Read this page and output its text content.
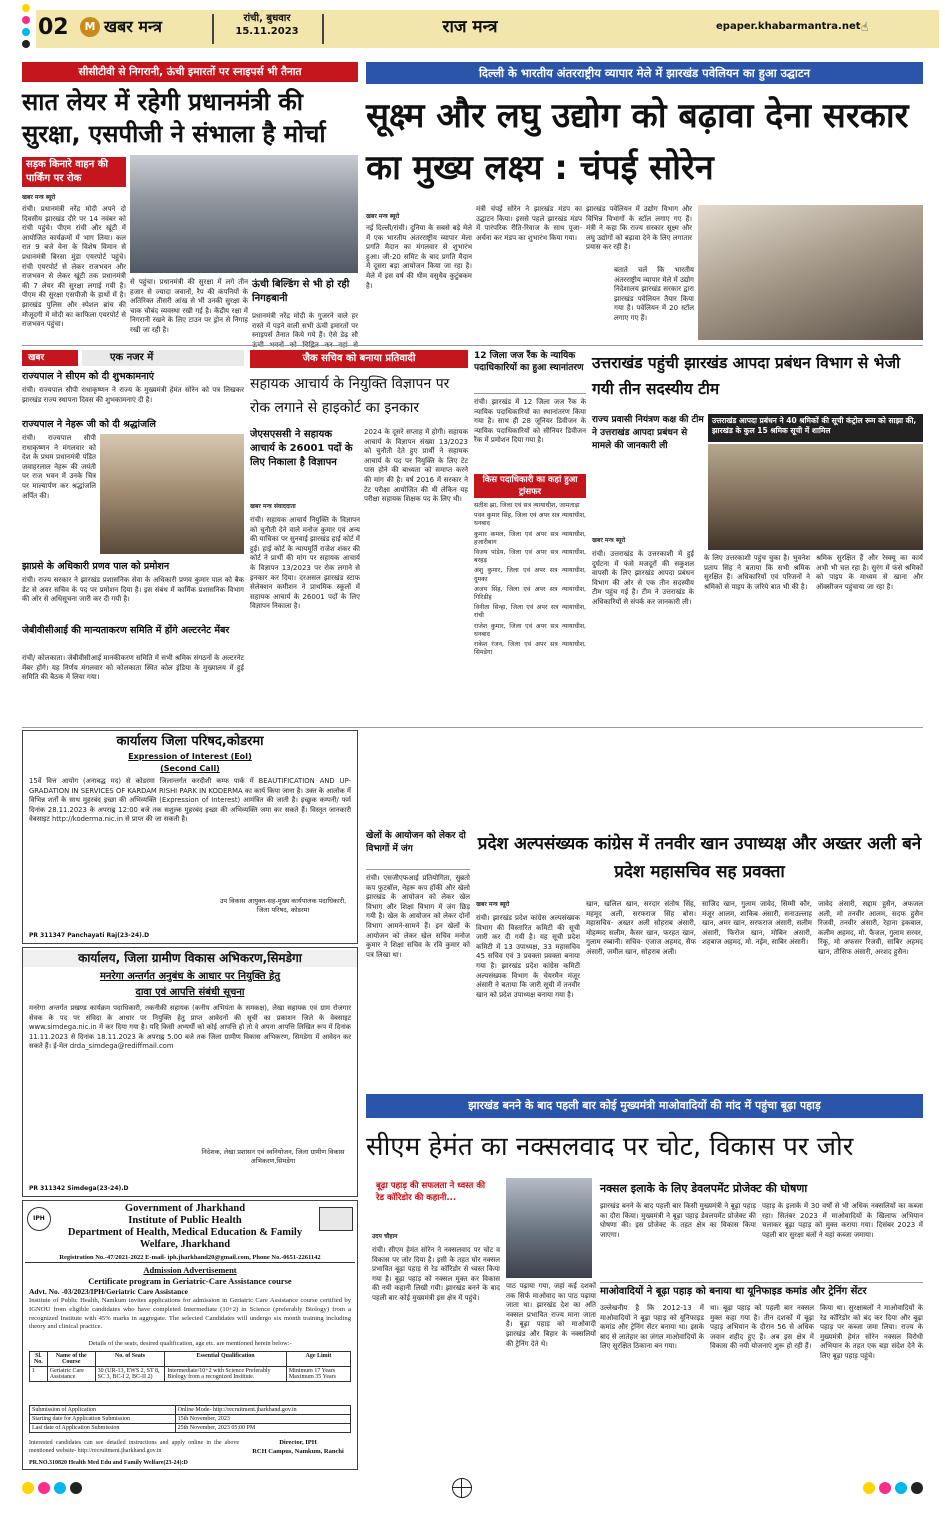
02	M खबर मन्त्र	रांची, बुधवार
15.11.2023	राज मन्त्र	epaper.khabarmantra.net ☝
सीसीटीवी से निगरानी, ऊंची इमारतों पर स्नाइपर्स भी तैनात
सात लेयर में रहेगी प्रधानमंत्री की सुरक्षा, एसपीजी ने संभाला है मोर्चा
सड़क किनारे वाहन की पार्किंग पर रोक
खबर मन्त्र ब्यूरो
रांची। प्रधानमंत्री नरेंद्र मोदी अपने दो दिवसीय झारखंड दौरे पर 14 नवंबर को रांची पहुंचे। पीएम रांची और खूंटी में आयोजित कार्यक्रमों में भाग लिया। कल रात 9 बजे वेना के विशेष विमान से प्रधानमंत्री बिरसा मुंडा एयरपोर्ट पहुंचे। रांची एयरपोर्ट से लेकर राजभवन और राजभवन से लेकर खूंटी तक प्रधानमंत्री की 7 लेयर की सुरक्षा लगाई गयी है। पीएम की सुरक्षा एसपीजी के हाथों में है। झारखंड पुलिस और स्पेशल ब्रांच की मौजूदगी में मोदी का काफिला एयरपोर्ट से राजभवन पहुंचा।
से पहुंचा। प्रधानमंत्री की सुरक्षा में लगे तीन हजार से ज्यादा जवानों, रैप की कंपनियों के अतिरिक्त तीसरी आंख से भी उनकी सुरक्षा के चाक चौबंद व्यवस्था रखी गई है। केंद्रीय रक्षा में निगरानी रखने के लिए टाउन पर ड्रोन से निगाह रखी जा रही है।
ऊंची बिल्डिंग से भी हो रही निगहबानी
प्रधानमंत्री नरेंद्र मोदी के गुजरने वाले हर रास्ते में पड़ने वाली सभी ऊंची इमारतों पर स्नाइपर्स तैनात किये गये हैं। ऐसे डेढ़ सौ
दिल्ली के भारतीय अंतरराष्ट्रीय व्यापार मेले में झारखंड पवेलियन का हुआ उद्घाटन
सूक्ष्म और लघु उद्योग को बढ़ावा देना सरकार का मुख्य लक्ष्य : चंपई सोरेन
खबर मन्त्र ब्यूरो
नई दिल्ली/रांची। दुनिया के सबसे बड़े मेले में एक भारतीय अंतरराष्ट्रीय व्यापार मेला प्रगति मैदान का मंगलवार से शुभारंभ हुआ। जी-20 समिट के बाद प्रगति मैदान में दूसरा बड़ा आयोजन किया जा रहा है। मेले में इस वर्ष की थीम वसुधैव कुटुंबकम है।
मंत्री चंपई सोरेन ने झारखंड मंडप का उद्घाटन किया। इससे पहले झारखंड मंडप में पारंपरिक रीति-रिवाज के साथ पूजा-अर्चना कर मंडप का शुभारंभ किया गया।
झारखंड पवेलियन में उद्योग विभाग और विभिन्न विभागों के स्टॉल लगाए गए हैं। मंत्री ने कहा कि राज्य सरकार सूक्ष्म और लघु उद्योगों को बढ़ावा देने के लिए लगातार प्रयास कर रही है।
बताते चलें कि भारतीय अंतरराष्ट्रीय व्यापार मेले में उद्योग निदेशालय झारखंड सरकार द्वारा झारखंड पवेलियन तैयार किया गया है। पवेलियन में 20 स्टॉल लगाए गए हैं।
खबर	एक नजर में
राज्यपाल ने सीएम को दी शुभकामनाएं
रांची। राज्यपाल सीपी राधाकृष्णन ने राज्य के मुख्यमंत्री हेमंत सोरेन को पत्र लिखकर झारखंड राज्य स्थापना दिवस की शुभकामनाएं दी है।
राज्यपाल ने नेहरू जी को दी श्रद्धांजलि
रांची। राज्यपाल सीपी राधाकृष्णन ने मंगलवार को देश के प्रथम प्रधानमंत्री पंडित जवाहरलाल नेहरू की जयंती पर राज भवन में उनके चित्र पर माल्यार्पण कर श्रद्धांजलि अर्पित की।
झाप्रसे के अधिकारी प्रणव पाल को प्रमोशन
रांची। राज्य सरकार ने झारखंड प्रशासनिक सेवा के अधिकारी प्रणव कुमार पाल को बैक डेट से अवर सचिव के पद पर प्रमोशन दिया है। इस संबंध में कार्मिक प्रशासनिक विभाग की ओर से अधिसूचना जारी कर दी गयी है।
जेबीवीसीआई की मान्यताकरण समिति में होंगे अल्टरनेट मेंबर
रांची/ कोलकाता। जेबीवीसीआई मानकीकरण समिति में सभी श्रमिक संगठनों के अल्टरनेट मेंबर होंगे। यह निर्णय मंगलवार को कोलकाता स्थित कोल इंडिया के मुख्यालय में हुई समिति की बैठक में लिया गया।
जैक सचिव को बनाया प्रतिवादी
सहायक आचार्य के नियुक्ति विज्ञापन पर रोक लगाने से हाइकोर्ट का इनकार
जेएसएससी ने सहायक आचार्य के 26001 पदों के लिए निकाला है विज्ञापन
खबर मन्त्र संवाददाता
रांची। सहायक आचार्य नियुक्ति के विज्ञापन को चुनौती देने वाले मनोज कुमार एवं अन्य की याचिका पर सुनवाई झारखंड हाई कोर्ट में हुई। हाई कोर्ट के न्यायमूर्ति राजेश शंकर की कोर्ट ने प्रार्थी की मांग पर सहायक आचार्य के विज्ञापन 13/2023 पर रोक लगाने से इनकार कर दिया। दरअसल झारखंड स्टाफ सेलेक्शन कमीशन ने प्राथमिक स्कूलों में सहायक आचार्य के 26001 पदों के लिए विज्ञापन निकाला है।
2024 के दूसरे सप्ताह में होगी। सहायक आचार्य के विज्ञापन संख्या 13/2023 को चुनौती देते हुए प्रार्थी ने सहायक आचार्य के पद पर नियुक्ति के लिए टेट पास होने की बाध्यता को समाप्त करने की मांग की है। वर्ष 2016 में सरकार ने टेट परीक्षा आयोजित की थी लेकिन यह परीक्षा सहायक शिक्षक पद के लिए थी।
12 जिला जज रैंक के न्यायिक पदाधिकारियों का हुआ स्थानांतरण
रांची। झारखंड में 12 जिला जज रैंक के न्यायिक पदाधिकारियों का स्थानांतरण किया गया है। साथ ही 28 जूनियर डिवीजन के न्यायिक पदाधिकारियों को सीनियर डिवीजन रैंक में प्रमोशन दिया गया है।
किस पदाधिकारी का कहां हुआ ट्रांसफर
सतीश झा, जिला एवं सत्र न्यायाधीश, जामताड़ा
पवन कुमार सिंह, जिला एवं अपर सत्र न्यायाधीश, धनबाद
कुमार कमल, जिला एवं अपर सत्र न्यायाधीश, हजारीबाग
विजय पांडेय, जिला एवं अपर सत्र न्यायाधीश, बरहड़
अंशु कुमार, जिला एवं अपर सत्र न्यायाधीश, दुमका
अजय सिंह, जिला एवं अपर सत्र न्यायाधीश, गिरिडीह
विनीता सिन्हा, जिला एवं अपर सत्र न्यायाधीश, रांची
राजेश कुमार, जिला एवं अपर सत्र न्यायाधीश, धनबाद
राकेश रंजन, जिला एवं अपर सत्र न्यायाधीश, सिमडेगा
उत्तराखंड पहुंची झारखंड आपदा प्रबंधन विभाग से भेजी गयी तीन सदस्यीय टीम
राज्य प्रवासी नियंत्रण कक्ष की टीम ने उत्तराखंड आपदा प्रबंधन से मामले की जानकारी ली
उत्तराखंड आपदा प्रबंधन ने 40 श्रमिकों की सूची कंट्रोल रूम को साझा की, झारखंड के कुल 15 श्रमिक सूची में शामिल
खबर मन्त्र ब्यूरो
रांची। उत्तराखंड के उत्तरकाशी में हुई दुर्घटना में फंसे मजदूरों की सकुशल वापसी के लिए झारखंड आपदा प्रबंधन विभाग की ओर से एक तीन सदस्यीय टीम पहुंच गई है। टीम ने उत्तराखंड के अधिकारियों से संपर्क कर जानकारी ली।
के लिए उत्तरकाशी पहुंच चुका है। भुवनेश प्रताप सिंह ने बताया कि सभी श्रमिक सुरक्षित हैं। अधिकारियों एवं परिजनों ने श्रमिकों से पाइप के जरिये बात भी की है।
श्रमिक सुरक्षित हैं और रेस्क्यू का कार्य अभी भी चल रहा है। सुरंग में फंसे श्रमिकों को पाइप के माध्यम से खाना और ऑक्सीजन पहुंचाया जा रहा है।
कार्यालय जिला परिषद,कोडरमा
Expression of Interest (EoI)
(Second Call)
15वें वित्त आयोग (अनाबद्ध मद) से कोडरमा जिलान्तर्गत करदीशी कम्फ पार्क में BEAUTIFICATION AND UP-GRADATION IN SERVICES OF KARDAM RISHI PARK IN KODERMA का कार्य किया जाना है। उक्त के आलोक में विभिन्न शर्तों के साथ मुहरबंद इच्छा की अभिव्यक्ति (Expression of Interest) आमंत्रित की जाती है। इच्छुक कम्पनी/ फर्म दिनांक 28.11.2023 के अपराह्न 12:00 बजे तक सशुल्क मुहरबंद इच्छा की अभिव्यक्ति जमा कर सकते हैं। विस्तृत जानकारी वेबसाइट http://koderma.nic.in से प्राप्त की जा सकती है।
उप विकास आयुक्त-सह-मुख्य कार्यपालक पदाधिकारी, जिला परिषद, कोडरमा
PR 311347 Panchayati Raj(23-24).D
कार्यालय, जिला ग्रामीण विकास अभिकरण,सिमडेगा
मनरेगा अन्तर्गत अनुबंध के आधार पर नियुक्ति हेतु
दावा एवं आपत्ति संबंधी सूचना
मनरेगा अन्तर्गत प्रखण्ड कार्यक्रम पदाधिकारी, तकनीकी सहायक (कनीय अभियंता के समकक्ष), लेखा सहायक एवं ग्राम रोजगार सेवक के पद पर संविदा के आधार पर नियुक्ति हेतु प्राप्त आवेदनों की सूची का प्रकाशन जिले के वेबसाइट www.simdega.nic.in में कर दिया गया है। यदि किसी अभ्यर्थी को कोई आपत्ति हो तो वे अपना आपत्ति लिखित रूप में दिनांक 11.11.2023 से दिनांक 18.11.2023 के अपराह्न 5.00 बजे तक जिला ग्रामीण विकास अभिकरण, सिमडेगा में आवेदन कर सकते हैं। ई-मेल drda_simdega@rediffmail.com
निदेशक, लेखा प्रशासन एवं स्वनियोजन, जिला ग्रामीण विकास अभिकरण,सिमडेगा
PR 311342 Simdega(23-24).D
IPH
Government of Jharkhand
Institute of Public Health
Department of Health, Medical Education & Family Welfare, Jharkhand
Registration No.-47/2021-2022 E-mail- iph.jharkhand20@gmail.com, Phone No.-0651-2261142
Admission Advertisement
Certificate program in Geriatric-Care Assistance course
Advt. No. -03/2023/IPH/Geriatric Care Assistance
Institute of Public Health, Namkum invites applications for admission in Geriatric Care Assistance course certified by IGNOU from eligible candidates who have completed Intermediate (10+2) in Science (preferably Biology) from a recognized Institute with 45% marks in aggregate. The selected Candidates will undergo six month training including theory and clinical practice.
Details of the seats, desired qualification, age etc. are mentioned herein below:-
Sl. No.	Name of the Course	No. of Seats	Essential Qualification	Age Limit
1	Geriatric Care Assistance	30 (UR-13, EWS 2, ST 8, SC 3, BC-I 2, BC-II 2)	Intermediate/10+2 with Science Preferably Biology from a recognized Institute.	Minimum 17 Years Maximum 35 Years
Submission of Application	Online Mode- http://recruitment.jharkhand.gov.in
Starting date for Application Submission	15th November, 2023
Last date of Application Submission	25th November, 2023 05:00 PM
Interested candidates can see detailed instructions and apply online in the above mentioned website- http://recruitment.jharkhand.gov.in
Director, IPH
RCH Campus, Namkum, Ranchi
PR.NO.310820 Health Med Edu and Family Welfare(23-24):D
खेलों के आयोजन को लेकर दो विभागों में जंग
रांची। एसजीएफआई प्रतियोगिता, सुब्रतो कप फुटबॉल, नेहरू कप हॉकी और खेलो झारखंड के आयोजन को लेकर खेल विभाग और शिक्षा विभाग में जंग छिड़ गयी है। खेल के आयोजन को लेकर दोनों विभाग आमने-सामने हैं। इन खेलों के आयोजन को लेकर खेल सचिव मनोज कुमार ने शिक्षा सचिव के रवि कुमार को पत्र लिखा था।
प्रदेश अल्पसंख्यक कांग्रेस में तनवीर खान उपाध्यक्ष और अख्तर अली बने प्रदेश महासचिव सह प्रवक्ता
खबर मन्त्र ब्यूरो
रांची। झारखंड प्रदेश कांग्रेस अल्पसंख्यक विभाग की विस्तारित कमिटी की सूची जारी कर दी गयी है। यह सूची प्रदेश कमिटी में 13 उपाध्यक्ष, 33 महासचिव 45 सचिव एवं 3 प्रवक्ता प्रवक्ता बनाया गया है। झारखंड प्रदेश कांग्रेस कमिटी अल्पसंख्यक विभाग के चेयरमैन मंजूर अंसारी ने बताया कि जारी सूची में तनवीर खान को प्रदेश उपाध्यक्ष बनाया गया है।
खान, खलिल खान, सरदार संतोष सिंह, महमूद अली, सरफराज सिंह बोस। महासचिव- अख्तर अली सोहराब अंसारी, मोहम्मद सलीम, कैसर खान, फरहत खान, गुलाम रब्बानी। सचिव- एजाज अहमद, सैफ अंसारी, जमील खान, सोहराब अली।
साजिद खान, गुलाम जावेद, सिम्मी कौर, मंजूर आलम, शाकिब अंसारी, सनाउल्लाह खान, अमर खान, सरफराज अंसारी, सलीम अंसारी, फिरोज खान, मोबिन अंसारी, शहबाज अहमद, मो. नईम, साबिर अंसारी।
जावेद अंसारी, सद्दाम हुसैन, अफजल अली, मो तनवीर आलम, सदफ हुसैन रिजवी, तनवीर अंसारी, रेहाना इकबाल, कलीम अहमद, मो. फैजल, गुलाम सरवर, रिंकू, मो अफसर रिजवी, साबिर अहमद खान, तौसिफ अंसारी, अरशद हुसैन।
झारखंड बनने के बाद पहली बार कोई मुख्यमंत्री माओवादियों की मांद में पहुंचा बूढ़ा पहाड़
सीएम हेमंत का नक्सलवाद पर चोट, विकास पर जोर
बूढ़ा पहाड़ की सफलता ने ध्वस्त की रेड कॉरिडोर की कहानी...
उदय चौहान
रांची। सीएम हेमंत सोरेन ने नक्सलवाद पर चोट व विकास पर जोर दिया है। इसी के तहत घोर नक्सल प्रभावित बूढ़ा पहाड़ से रेड कॉरिडोर से ध्वस्त किया गया है। बूढ़ा पहाड़ को नक्सल मुक्त कर विकास की नयी कहानी लिखी गयी। झारखंड बनने के बाद पहली बार कोई मुख्यमंत्री इस क्षेत्र में पहुंचे।
पाठ पढ़ाया गया, जहां कई दशकों तक सिर्फ माओवाद का पाठ पढ़ाया जाता था। झारखंड देश का अति नक्सल प्रभावित राज्य माना जाता है। बूढ़ा पहाड़ को माओवादी झारखंड और बिहार के नक्सलियों की ट्रेनिंग देते थे।
नक्सल इलाके के लिए डेवलपमेंट प्रोजेक्ट की घोषणा
झारखंड बनने के बाद पहली बार किसी मुख्यमंत्री ने बूढ़ा पहाड़ का दौरा किया। मुख्यमंत्री ने बूढ़ा पहाड़ डेवलपमेंट प्रोजेक्ट की घोषणा की। इस प्रोजेक्ट के तहत क्षेत्र का विकास किया जाएगा।
पहाड़ के इलाके में 30 वर्षों से भी अधिक नक्सलियों का कब्जा रहा। सितंबर 2023 में माओवादियों के खिलाफ अभियान चलाकर बूढ़ा पहाड़ को मुक्त कराया गया। दिसंबर 2023 में पहली बार सुरक्षा बलों ने यहां कब्जा जमाया।
माओवादियों ने बूढ़ा पहाड़ को बनाया था यूनिफाइड कमांड और ट्रेनिंग सेंटर
उल्लेखनीय है कि 2012-13 में माओवादियों ने बूढ़ा पहाड़ को यूनिफाइड कमांड और ट्रेनिंग सेंटर बनाया था। इसके बाद से लातेहार का जंगल माओवादियों के लिए सुरक्षित ठिकाना बन गया।
था। बूढ़ा पहाड़ को पहली बार नक्सल मुक्त कहा गया है। तीन दशकों में बूढ़ा पहाड़ अभियान के दौरान 56 से अधिक जवान शहीद हुए हैं। अब इस क्षेत्र में विकास की नयी योजनाएं शुरू हो रही हैं।
किया था। सुरक्षाबलों ने माओवादियों के रेड कॉरिडोर को बंद कर दिया और बूढ़ा पहाड़ पर कब्जा जमा लिया। राज्य के मुख्यमंत्री हेमंत सोरेन नक्सल विरोधी अभियान के तहत एक बड़ा संदेश देने के लिए बूढ़ा पहाड़ पहुंचे।
